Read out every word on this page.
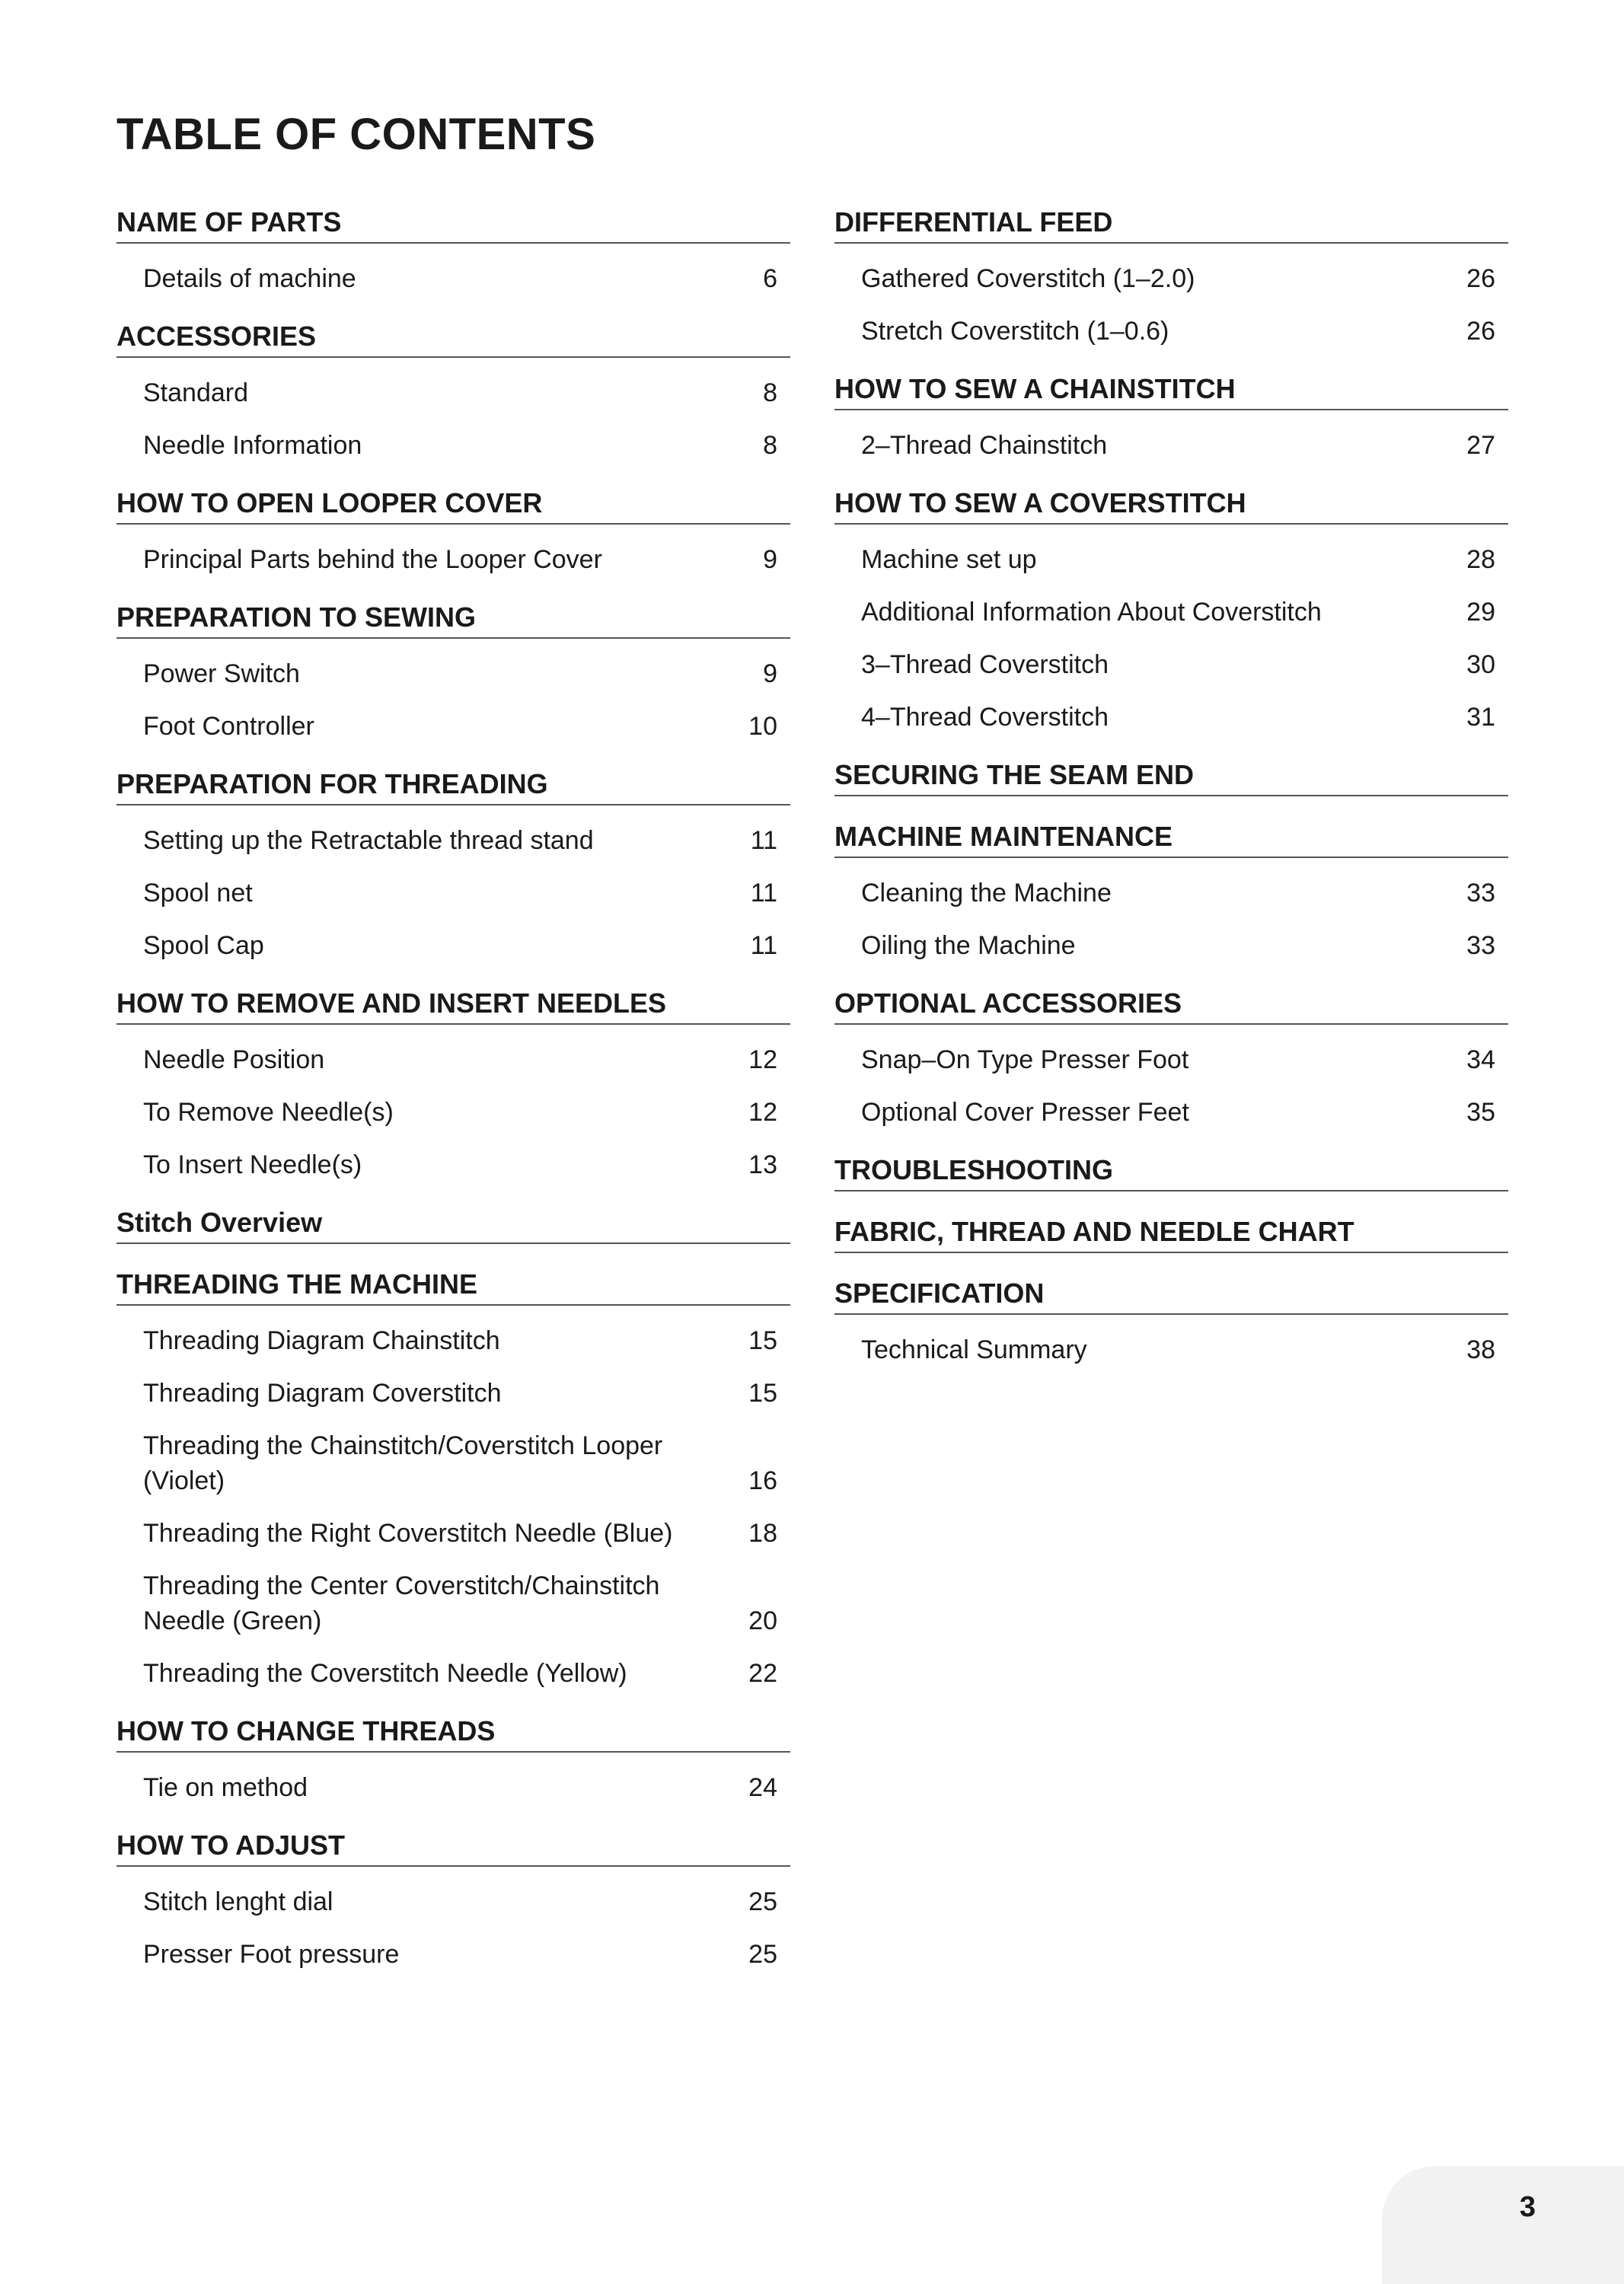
TABLE OF CONTENTS
NAME OF PARTS
Details of machine	6
ACCESSORIES
Standard	8
Needle Information	8
HOW TO OPEN LOOPER COVER
Principal Parts behind the Looper Cover	9
PREPARATION TO SEWING
Power Switch	9
Foot Controller	10
PREPARATION FOR THREADING
Setting up the Retractable thread stand	11
Spool net	11
Spool Cap	11
HOW TO REMOVE AND INSERT NEEDLES
Needle Position	12
To Remove Needle(s)	12
To Insert Needle(s)	13
Stitch Overview
THREADING THE MACHINE
Threading Diagram Chainstitch	15
Threading Diagram Coverstitch	15
Threading the Chainstitch/Coverstitch Looper (Violet)	16
Threading the Right Coverstitch Needle (Blue)	18
Threading the Center Coverstitch/Chainstitch Needle (Green)	20
Threading the Coverstitch Needle (Yellow)	22
HOW TO CHANGE THREADS
Tie on method	24
HOW TO ADJUST
Stitch lenght dial	25
Presser Foot pressure	25
DIFFERENTIAL FEED
Gathered Coverstitch (1–2.0)	26
Stretch Coverstitch (1–0.6)	26
HOW TO SEW A CHAINSTITCH
2–Thread Chainstitch	27
HOW TO SEW A COVERSTITCH
Machine set up	28
Additional Information About Coverstitch	29
3–Thread Coverstitch	30
4–Thread Coverstitch	31
SECURING THE SEAM END
MACHINE MAINTENANCE
Cleaning the Machine	33
Oiling the Machine	33
OPTIONAL ACCESSORIES
Snap–On Type Presser Foot	34
Optional Cover Presser Feet	35
TROUBLESHOOTING
FABRIC, THREAD AND NEEDLE CHART
SPECIFICATION
Technical Summary	38
3
